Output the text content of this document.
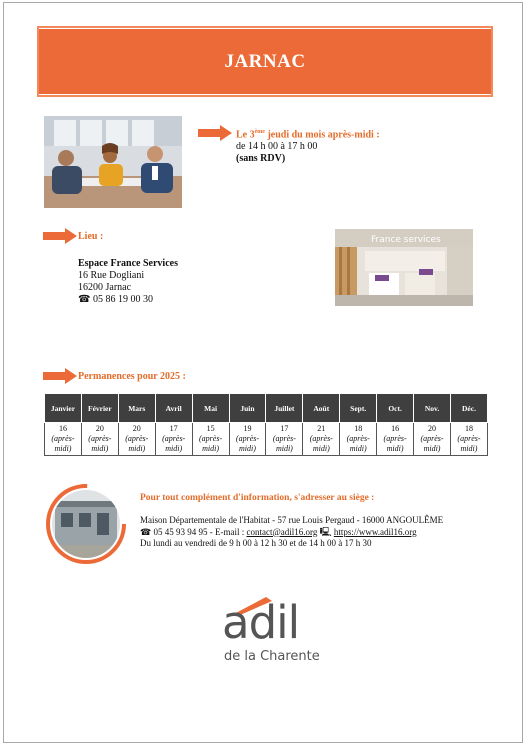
JARNAC
Le 3ème jeudi du mois après-midi :
de 14 h 00 à 17 h 00
(sans RDV)
Lieu :
Espace France Services
16 Rue Dogliani
16200 Jarnac
☎ 05 86 19 00 30
France services
Permanences pour 2025 :
Janvier	Février	Mars	Avril	Mai	Juin	Juillet	Août	Sept.	Oct.	Nov.	Déc.

16
(après-
midi)	20
(après-
midi)	20
(après-
midi)	17
(après-
midi)	15
(après-
midi)	19
(après-
midi)	17
(après-
midi)	21
(après-
midi)	18
(après-
midi)	16
(après-
midi)	20
(après-
midi)	18
(après-
midi)
Pour tout complément d'information, s'adresser au siège :
Maison Départementale de l'Habitat - 57 rue Louis Pergaud - 16000 ANGOULÊME
☎ 05 45 93 94 95 - E-mail : contact@adil16.org 🖳 https://www.adil16.org
Du lundi au vendredi de 9 h 00 à 12 h 30 et de 14 h 00 à 17 h 30
adil
de la Charente
